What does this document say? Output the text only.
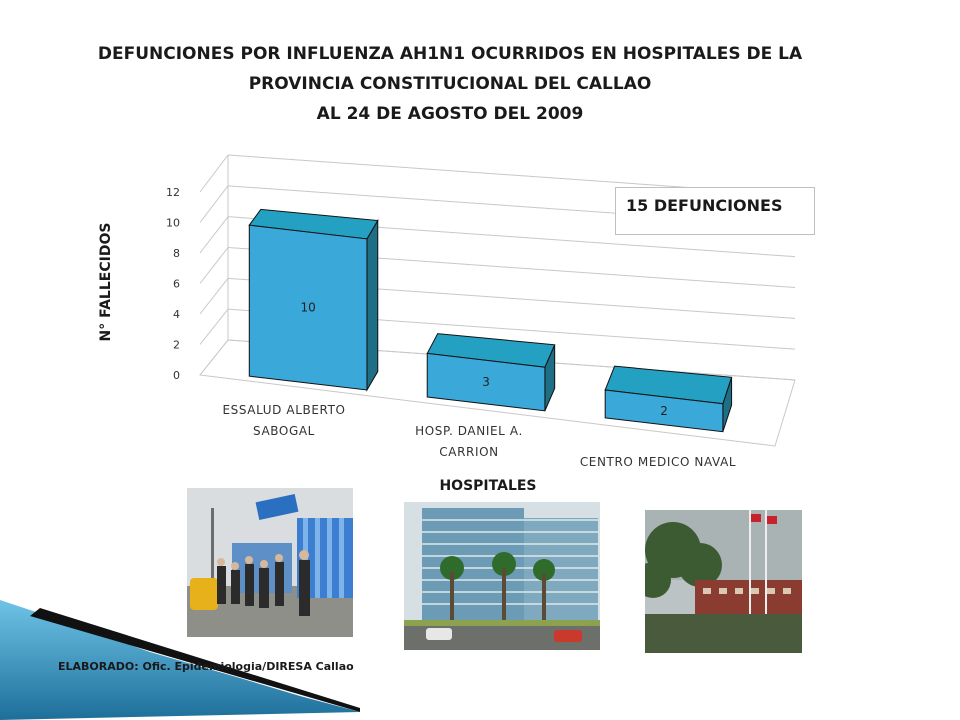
DEFUNCIONES POR INFLUENZA AH1N1 OCURRIDOS EN HOSPITALES DE LA
PROVINCIA CONSTITUCIONAL DEL CALLAO
AL 24 DE AGOSTO DEL 2009
0
2
4
6
8
10
12
10
ESSALUD ALBERTO
SABOGAL
3
HOSP. DANIEL A.
CARRION
2
CENTRO MEDICO NAVAL
N° FALLECIDOS
HOSPITALES
15 DEFUNCIONES
ELABORADO: Ofic. Epidemiologia/DIRESA Callao
